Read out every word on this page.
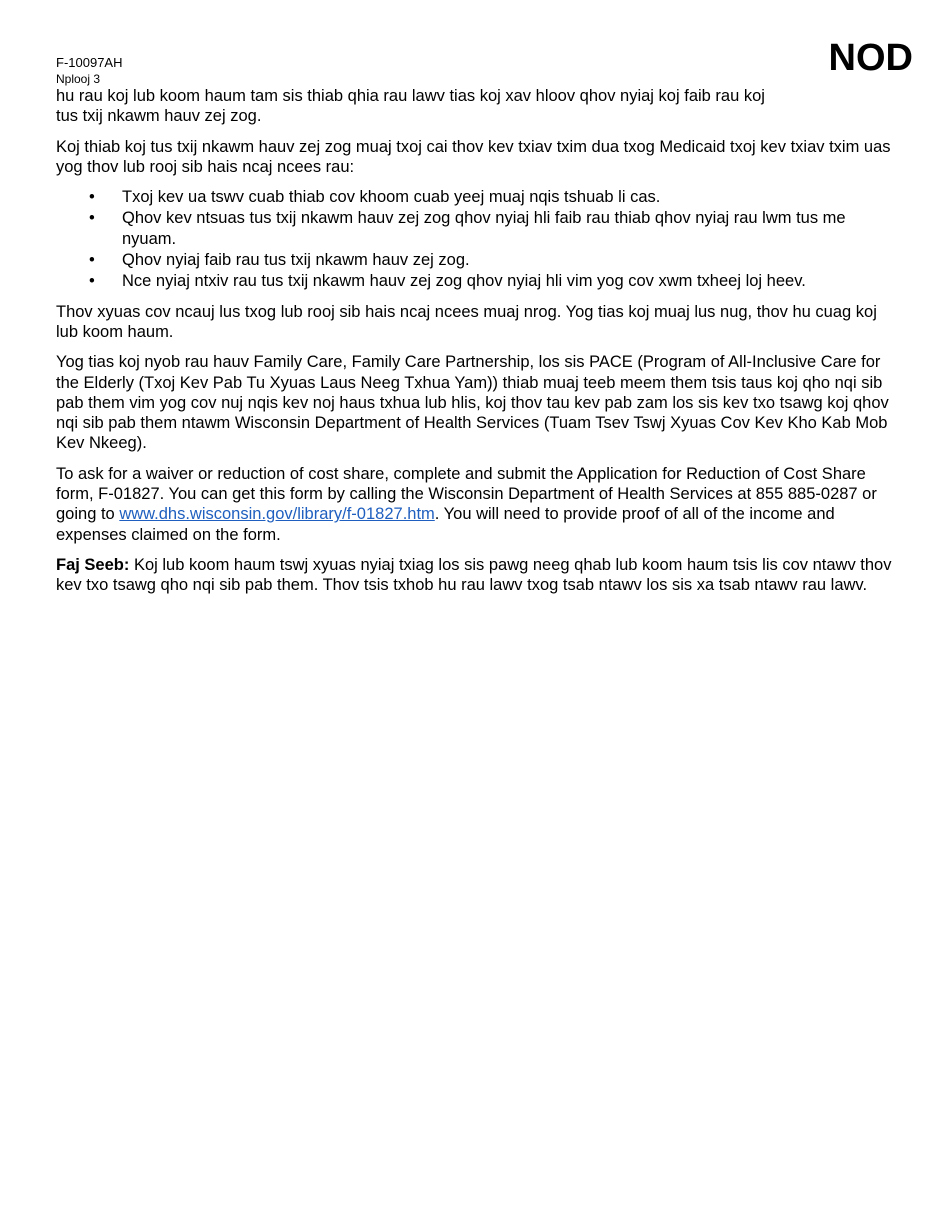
F-10097AH
Nplooj 3	NOD

hu rau koj lub koom haum tam sis thiab qhia rau lawv tias koj xav hloov qhov nyiaj koj faib rau koj tus txij nkawm hauv zej zog.

Koj thiab koj tus txij nkawm hauv zej zog muaj txoj cai thov kev txiav txim dua txog Medicaid txoj kev txiav txim uas yog thov lub rooj sib hais ncaj ncees rau:

• Txoj kev ua tswv cuab thiab cov khoom cuab yeej muaj nqis tshuab li cas.
• Qhov kev ntsuas tus txij nkawm hauv zej zog qhov nyiaj hli faib rau thiab qhov nyiaj rau lwm tus me nyuam.
• Qhov nyiaj faib rau tus txij nkawm hauv zej zog.
• Nce nyiaj ntxiv rau tus txij nkawm hauv zej zog qhov nyiaj hli vim yog cov xwm txheej loj heev.

Thov xyuas cov ncauj lus txog lub rooj sib hais ncaj ncees muaj nrog. Yog tias koj muaj lus nug, thov hu cuag koj lub koom haum.

Yog tias koj nyob rau hauv Family Care, Family Care Partnership, los sis PACE (Program of All-Inclusive Care for the Elderly (Txoj Kev Pab Tu Xyuas Laus Neeg Txhua Yam)) thiab muaj teeb meem them tsis taus koj qho nqi sib pab them vim yog cov nuj nqis kev noj haus txhua lub hlis, koj thov tau kev pab zam los sis kev txo tsawg koj qhov nqi sib pab them ntawm Wisconsin Department of Health Services (Tuam Tsev Tswj Xyuas Cov Kev Kho Kab Mob Kev Nkeeg).

To ask for a waiver or reduction of cost share, complete and submit the Application for Reduction of Cost Share form, F-01827. You can get this form by calling the Wisconsin Department of Health Services at 855 885-0287 or going to www.dhs.wisconsin.gov/library/f-01827.htm. You will need to provide proof of all of the income and expenses claimed on the form.

Faj Seeb: Koj lub koom haum tswj xyuas nyiaj txiag los sis pawg neeg qhab lub koom haum tsis lis cov ntawv thov kev txo tsawg qho nqi sib pab them. Thov tsis txhob hu rau lawv txog tsab ntawv los sis xa tsab ntawv rau lawv.
